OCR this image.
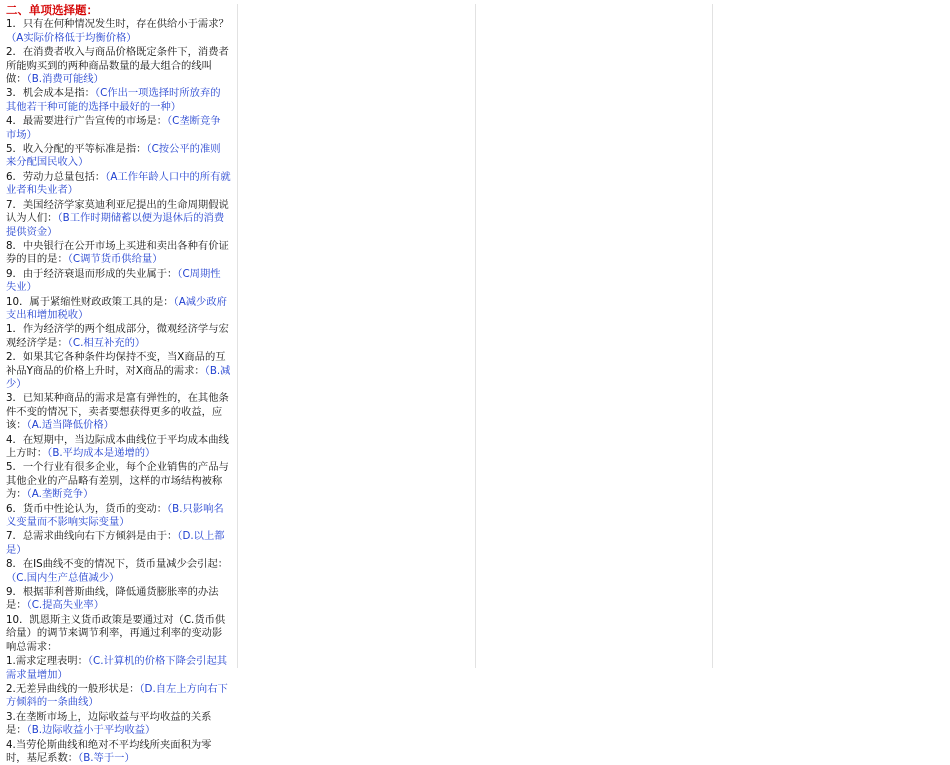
二、单项选择题：
1．只有在何种情况发生时，存在供给小于需求？（A实际价格低于均衡价格）
2．在消费者收入与商品价格既定条件下，消费者所能购买到的两种商品数量的最大组合的线叫做：（B.消费可能线）
3．机会成本是指：（C作出一项选择时所放弃的其他若干种可能的选择中最好的一种）
4．最需要进行广告宣传的市场是：（C垄断竞争市场）
5．收入分配的平等标准是指：（C按公平的准则来分配国民收入）
6．劳动力总量包括：（A工作年龄人口中的所有就业者和失业者）
7．美国经济学家莫迪利亚尼提出的生命周期假说认为人们：（B工作时期储蓄以便为退休后的消费提供资金）
8．中央银行在公开市场上买进和卖出各种有价证券的目的是：（C调节货币供给量）
9．由于经济衰退而形成的失业属于：（C周期性失业）
10．属于紧缩性财政政策工具的是：（A减少政府支出和增加税收）
1．作为经济学的两个组成部分，微观经济学与宏观经济学是：（C.相互补充的）
2．如果其它各种条件均保持不变，当X商品的互补品Y商品的价格上升时，对X商品的需求：（B.减少）
3．已知某种商品的需求是富有弹性的，在其他条件不变的情况下，卖者要想获得更多的收益，应该：（A.适当降低价格）
4．在短期中，当边际成本曲线位于平均成本曲线上方时：（B.平均成本是递增的）
5．一个行业有很多企业，每个企业销售的产品与其他企业的产品略有差别，这样的市场结构被称为：（A.垄断竞争）
6．货币中性论认为，货币的变动：（B.只影响名义变量而不影响实际变量）
7．总需求曲线向右下方倾斜是由于：（D.以上都是）
8．在IS曲线不变的情况下，货币量减少会引起：（C.国内生产总值减少）
9．根据菲利普斯曲线，降低通货膨胀率的办法是：（C.提高失业率）
10．凯恩斯主义货币政策是要通过对（C.货币供给量）的调节来调节利率，再通过利率的变动影响总需求：
1.需求定理表明：（C.计算机的价格下降会引起其需求量增加）
2.无差异曲线的一般形状是：（D.自左上方向右下方倾斜的一条曲线）
3.在垄断市场上，边际收益与平均收益的关系是：（B.边际收益小于平均收益）
4.当劳伦斯曲线和绝对不平均线所夹面积为零时，基尼系数：（B.等于一）
